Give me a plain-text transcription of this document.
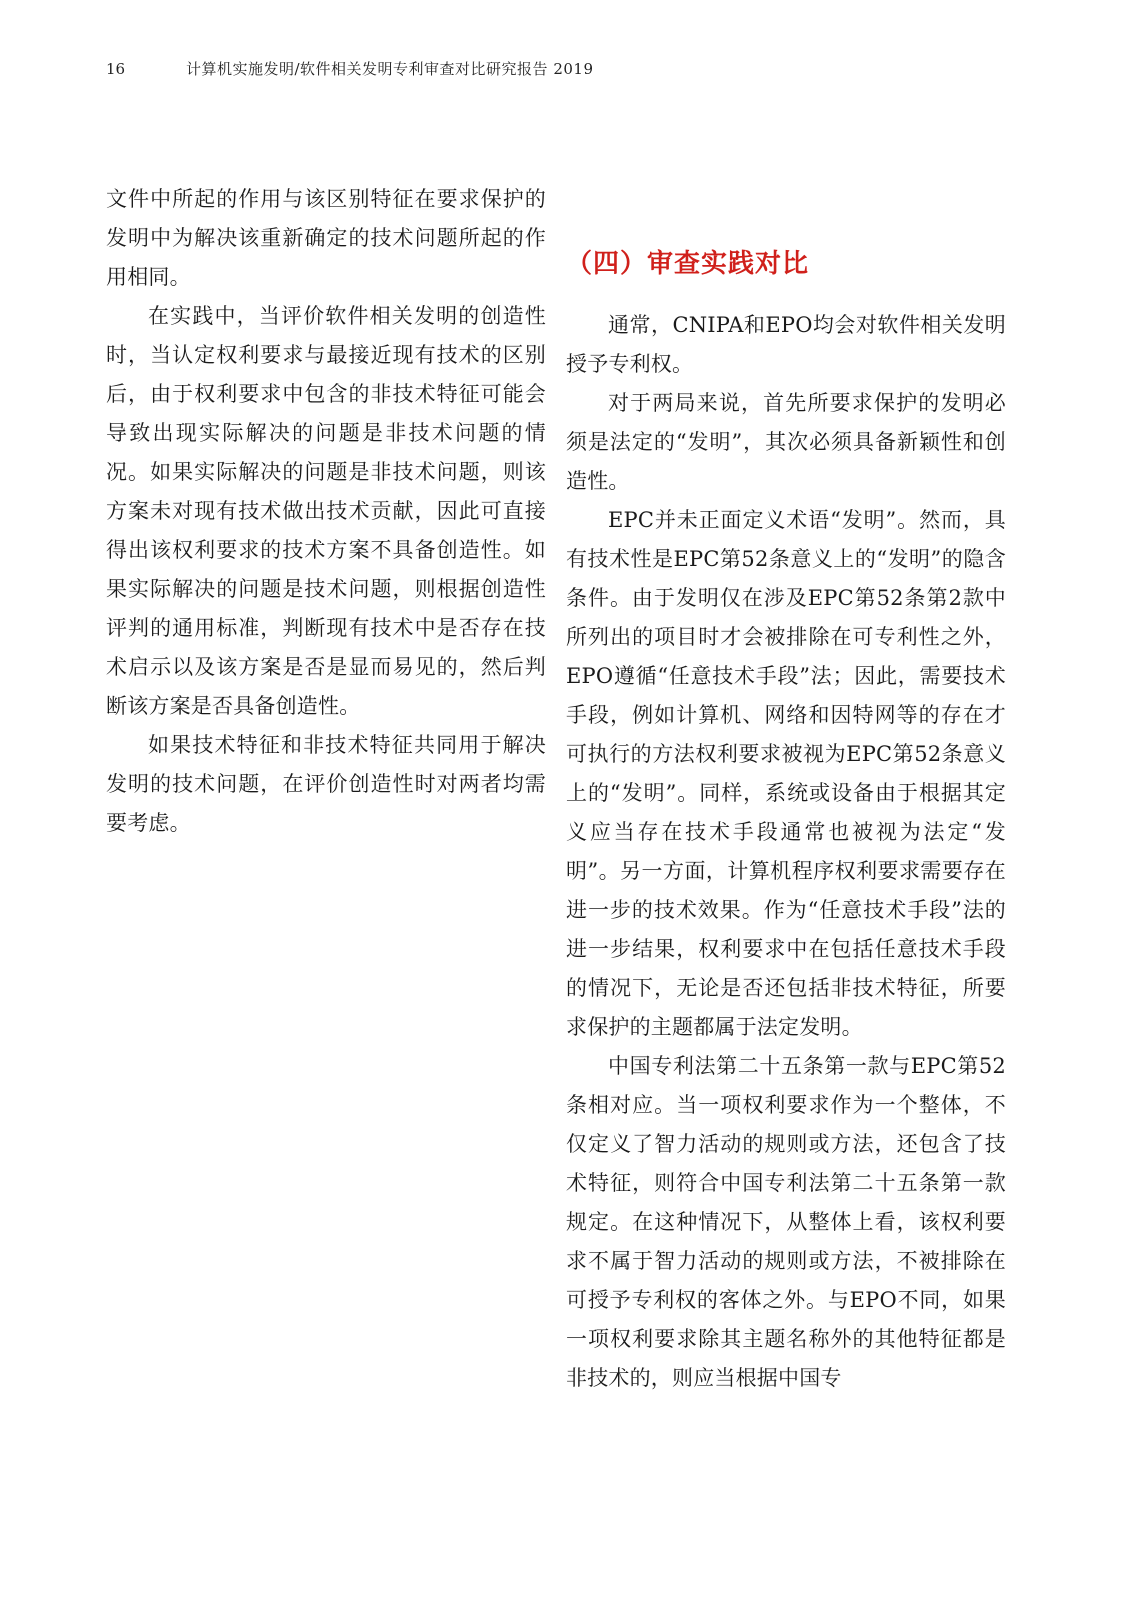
16	计算机实施发明/软件相关发明专利审查对比研究报告 2019

文件中所起的作用与该区别特征在要求保护的发明中为解决该重新确定的技术问题所起的作用相同。

在实践中，当评价软件相关发明的创造性时，当认定权利要求与最接近现有技术的区别后，由于权利要求中包含的非技术特征可能会导致出现实际解决的问题是非技术问题的情况。如果实际解决的问题是非技术问题，则该方案未对现有技术做出技术贡献，因此可直接得出该权利要求的技术方案不具备创造性。如果实际解决的问题是技术问题，则根据创造性评判的通用标准，判断现有技术中是否存在技术启示以及该方案是否是显而易见的，然后判断该方案是否具备创造性。

如果技术特征和非技术特征共同用于解决发明的技术问题，在评价创造性时对两者均需要考虑。

（四）审查实践对比

通常，CNIPA和EPO均会对软件相关发明授予专利权。

对于两局来说，首先所要求保护的发明必须是法定的“发明”，其次必须具备新颖性和创造性。

EPC并未正面定义术语“发明”。然而，具有技术性是EPC第52条意义上的“发明”的隐含条件。由于发明仅在涉及EPC第52条第2款中所列出的项目时才会被排除在可专利性之外，EPO遵循“任意技术手段”法；因此，需要技术手段，例如计算机、网络和因特网等的存在才可执行的方法权利要求被视为EPC第52条意义上的“发明”。同样，系统或设备由于根据其定义应当存在技术手段通常也被视为法定“发明”。另一方面，计算机程序权利要求需要存在进一步的技术效果。作为“任意技术手段”法的进一步结果，权利要求中在包括任意技术手段的情况下，无论是否还包括非技术特征，所要求保护的主题都属于法定发明。

中国专利法第二十五条第一款与EPC第52条相对应。当一项权利要求作为一个整体，不仅定义了智力活动的规则或方法，还包含了技术特征，则符合中国专利法第二十五条第一款规定。在这种情况下，从整体上看，该权利要求不属于智力活动的规则或方法，不被排除在可授予专利权的客体之外。与EPO不同，如果一项权利要求除其主题名称外的其他特征都是非技术的，则应当根据中国专
